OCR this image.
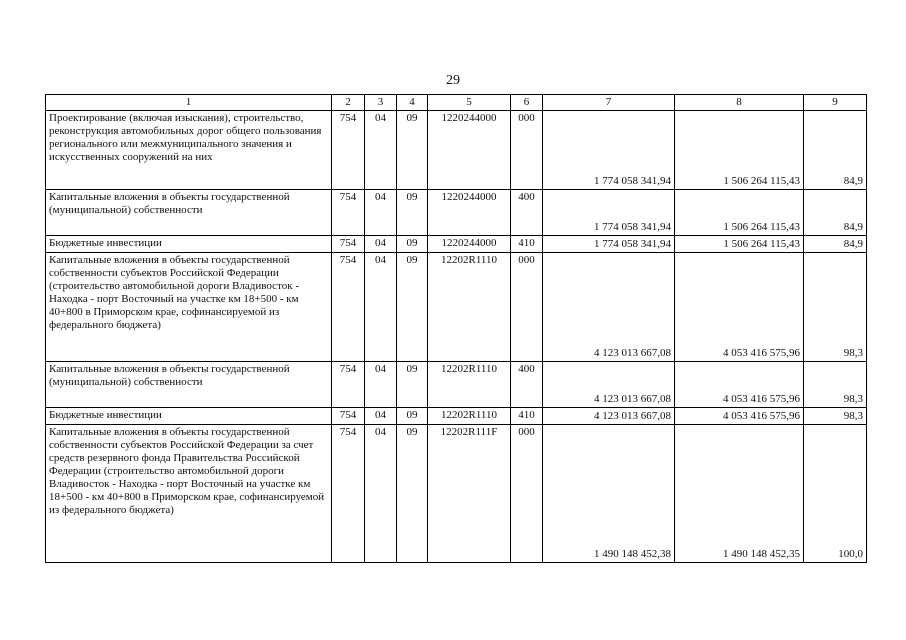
29
1	2	3	4	5	6	7	8	9
Проектирование (включая изыскания), строительство, реконструкция автомобильных дорог общего пользования регионального или межмуниципального значения и искусственных сооружений на них	754	04	09	1220244000	000	1 774 058 341,94	1 506 264 115,43	84,9
Капитальные вложения в объекты государственной (муниципальной) собственности	754	04	09	1220244000	400	1 774 058 341,94	1 506 264 115,43	84,9
Бюджетные инвестиции	754	04	09	1220244000	410	1 774 058 341,94	1 506 264 115,43	84,9
Капитальные вложения в объекты государственной собственности субъектов Российской Федерации (строительство автомобильной дороги Владивосток - Находка - порт Восточный на участке км 18+500 - км 40+800 в Приморском крае, софинансируемой из федерального бюджета)	754	04	09	12202R1110	000	4 123 013 667,08	4 053 416 575,96	98,3
Капитальные вложения в объекты государственной (муниципальной) собственности	754	04	09	12202R1110	400	4 123 013 667,08	4 053 416 575,96	98,3
Бюджетные инвестиции	754	04	09	12202R1110	410	4 123 013 667,08	4 053 416 575,96	98,3
Капитальные вложения в объекты государственной собственности субъектов Российской Федерации за счет средств резервного фонда Правительства Российской Федерации (строительство автомобильной дороги Владивосток - Находка - порт Восточный на участке км 18+500 - км 40+800 в Приморском крае, софинансируемой из федерального бюджета)	754	04	09	12202R111F	000	1 490 148 452,38	1 490 148 452,35	100,0
